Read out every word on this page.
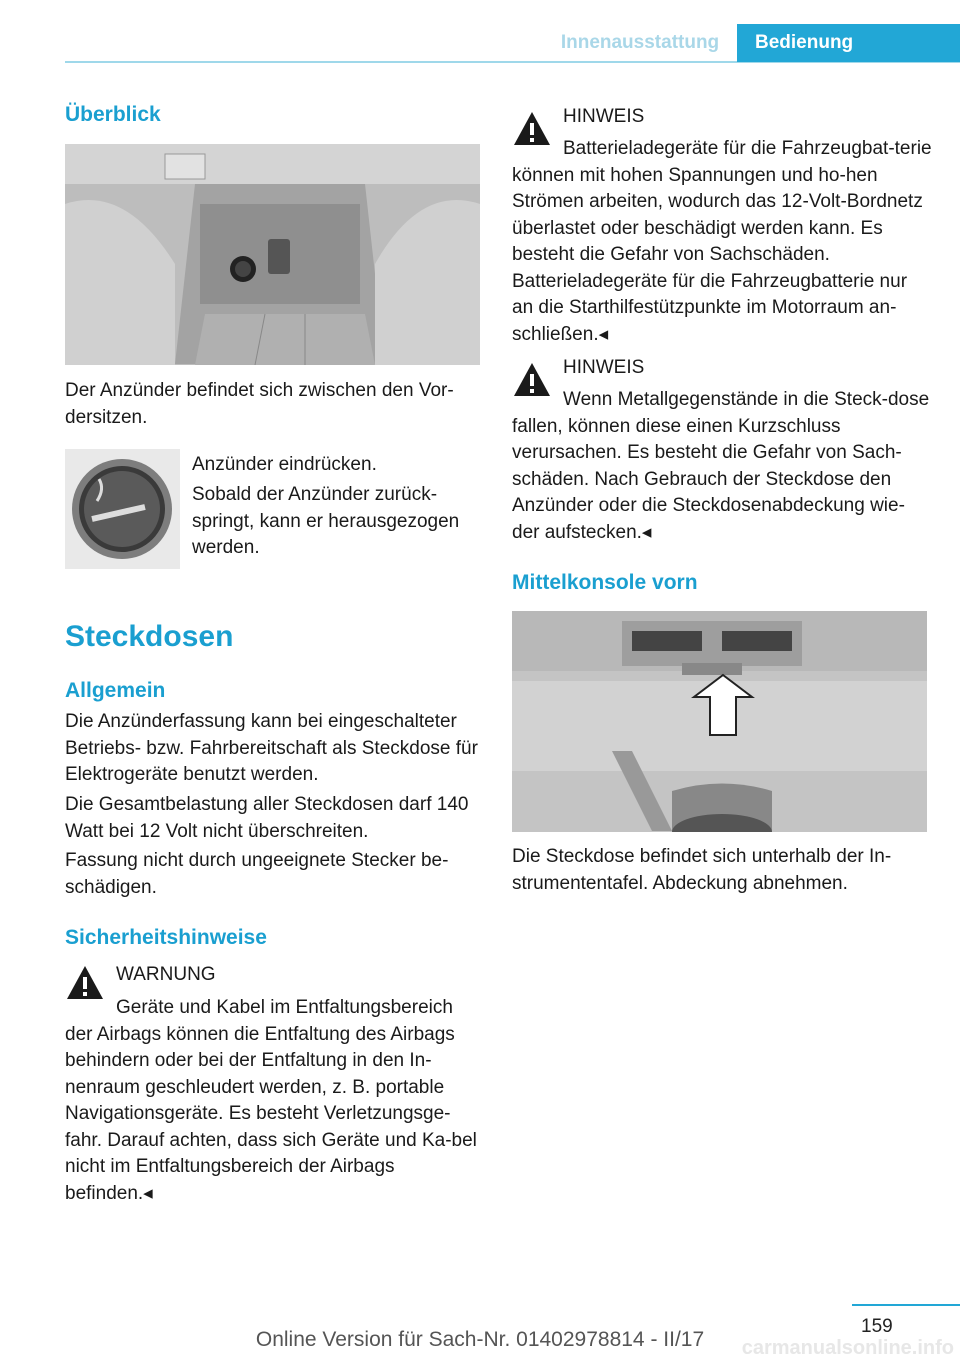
Innenausstattung	Bedienung
Überblick

Der Anzünder befindet sich zwischen den Vor-dersitzen.

Anzünder eindrücken.

Sobald der Anzünder zurück-springt, kann er herausgezogen werden.

Steckdosen
Allgemein

Die Anzünderfassung kann bei eingeschalteter Betriebs- bzw. Fahrbereitschaft als Steckdose für Elektrogeräte benutzt werden.

Die Gesamtbelastung aller Steckdosen darf 140 Watt bei 12 Volt nicht überschreiten.

Fassung nicht durch ungeeignete Stecker be-schädigen.

Sicherheitshinweise
WARNUNG

Geräte und Kabel im Entfaltungsbereich der Airbags können die Entfaltung des Airbags behindern oder bei der Entfaltung in den In-nenraum geschleudert werden, z. B. portable Navigationsgeräte. Es besteht Verletzungsge-fahr. Darauf achten, dass sich Geräte und Ka-bel nicht im Entfaltungsbereich der Airbags befinden.◂

HINWEIS

Batterieladegeräte für die Fahrzeugbat-terie können mit hohen Spannungen und ho-hen Strömen arbeiten, wodurch das 12-Volt-Bordnetz überlastet oder beschädigt werden kann. Es besteht die Gefahr von Sachschäden. Batterieladegeräte für die Fahrzeugbatterie nur an die Starthilfestützpunkte im Motorraum an-schließen.◂

HINWEIS

Wenn Metallgegenstände in die Steck-dose fallen, können diese einen Kurzschluss verursachen. Es besteht die Gefahr von Sach-schäden. Nach Gebrauch der Steckdose den Anzünder oder die Steckdosenabdeckung wie-der aufstecken.◂

Mittelkonsole vorn

Die Steckdose befindet sich unterhalb der In-strumententafel. Abdeckung abnehmen.

159
Online Version für Sach-Nr. 01402978814 - II/17	carmanualsonline.info
